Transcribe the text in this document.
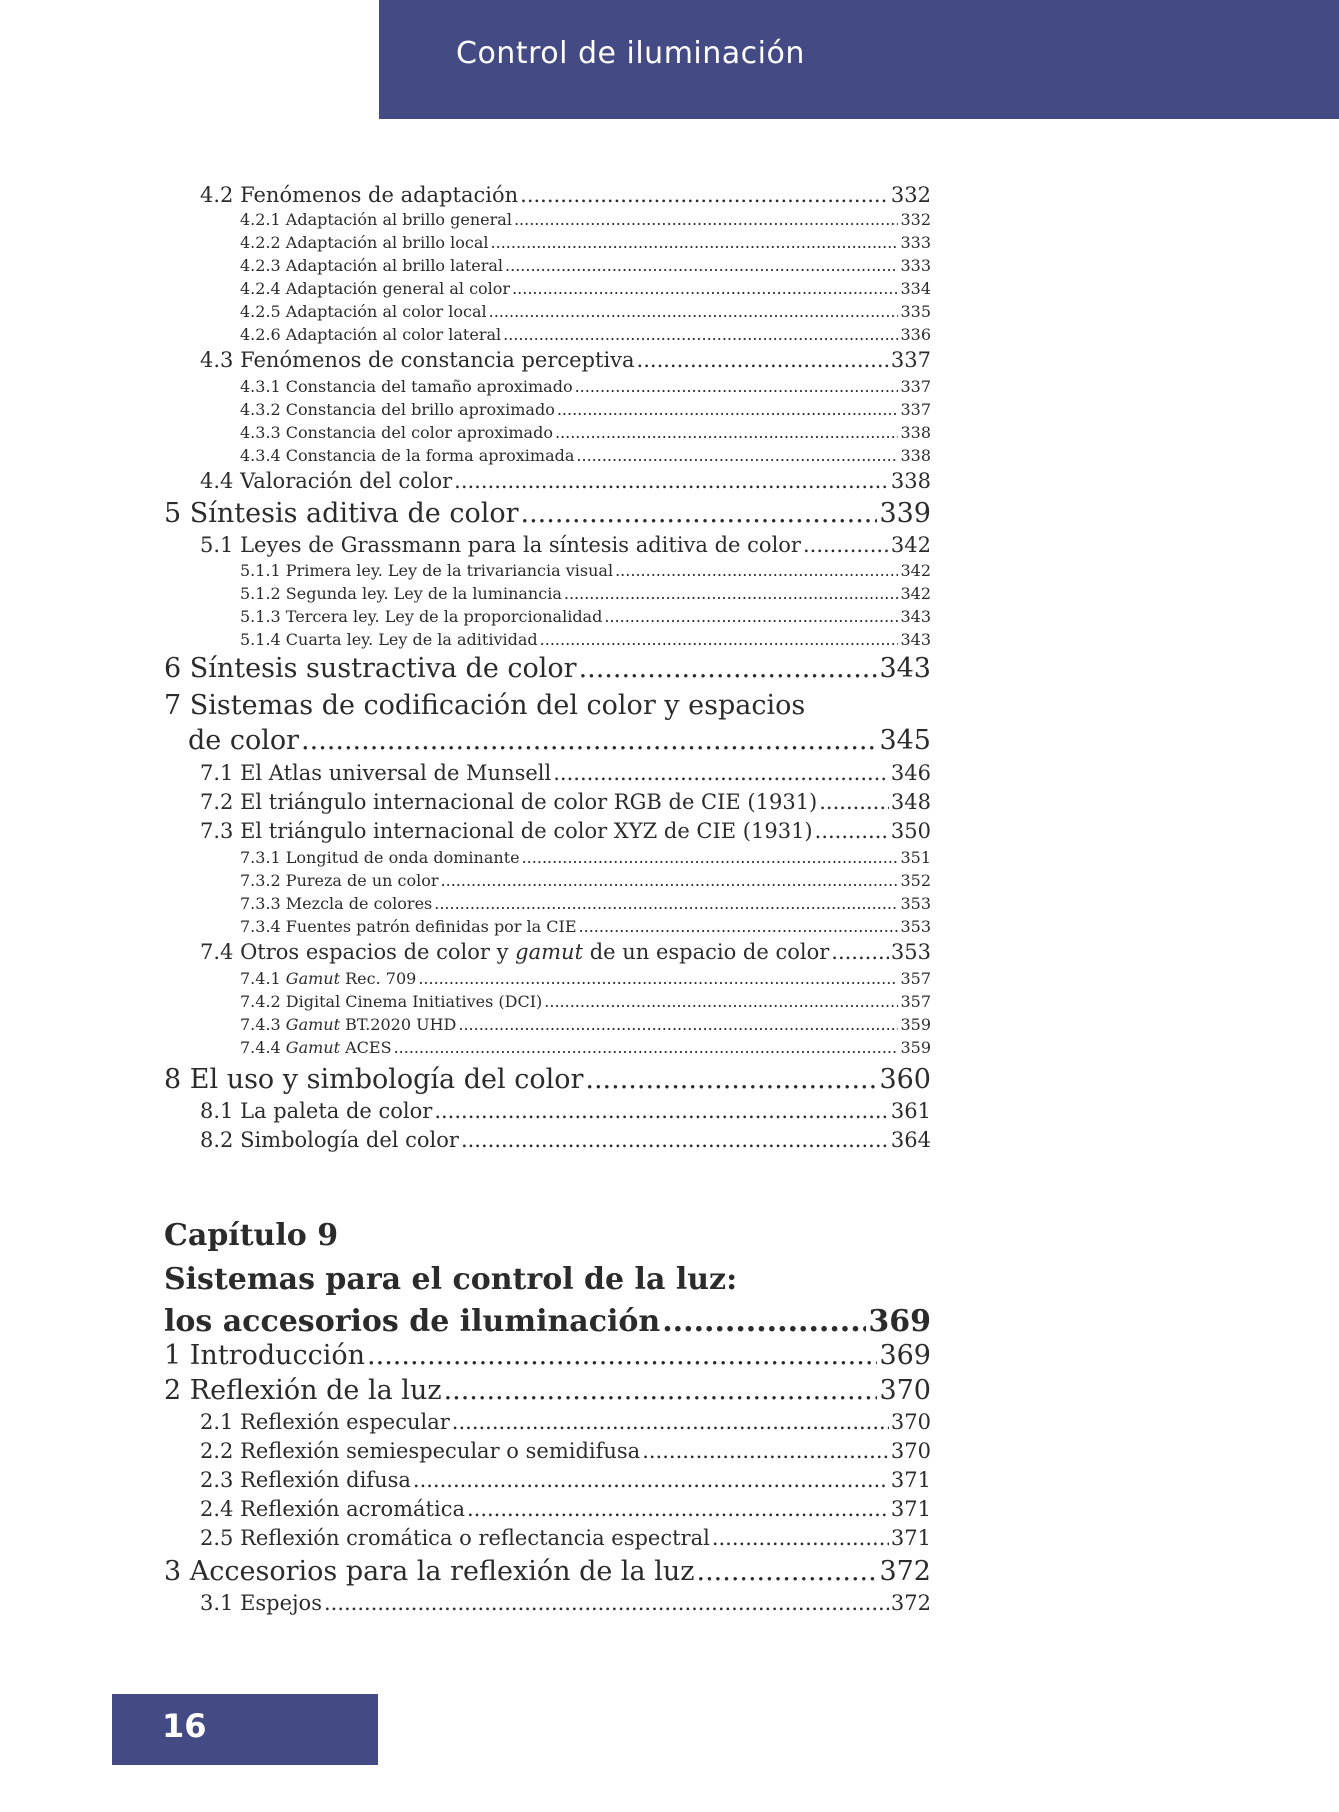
Control de iluminación
4.2 Fenómenos de adaptación .....	332
4.2.1 Adaptación al brillo general .....	332
4.2.2 Adaptación al brillo local .....	333
4.2.3 Adaptación al brillo lateral .....	333
4.2.4 Adaptación general al color .....	334
4.2.5 Adaptación al color local .....	335
4.2.6 Adaptación al color lateral .....	336
4.3 Fenómenos de constancia perceptiva .....	337
4.3.1 Constancia del tamaño aproximado .....	337
4.3.2 Constancia del brillo aproximado .....	337
4.3.3 Constancia del color aproximado .....	338
4.3.4 Constancia de la forma aproximada .....	338
4.4 Valoración del color .....	338
5 Síntesis aditiva de color .....	339
5.1 Leyes de Grassmann para la síntesis aditiva de color .....	342
5.1.1 Primera ley. Ley de la trivariancia visual .....	342
5.1.2 Segunda ley. Ley de la luminancia .....	342
5.1.3 Tercera ley. Ley de la proporcionalidad .....	343
5.1.4 Cuarta ley. Ley de la aditividad .....	343
6 Síntesis sustractiva de color .....	343
7 Sistemas de codificación del color y espacios
de color .....	345
7.1 El Atlas universal de Munsell .....	346
7.2 El triángulo internacional de color RGB de CIE (1931) .....	348
7.3 El triángulo internacional de color XYZ de CIE (1931) .....	350
7.3.1 Longitud de onda dominante .....	351
7.3.2 Pureza de un color .....	352
7.3.3 Mezcla de colores .....	353
7.3.4 Fuentes patrón definidas por la CIE .....	353
7.4 Otros espacios de color y gamut de un espacio de color .....	353
7.4.1 Gamut Rec. 709 .....	357
7.4.2 Digital Cinema Initiatives (DCI) .....	357
7.4.3 Gamut BT.2020 UHD .....	359
7.4.4 Gamut ACES .....	359
8 El uso y simbología del color .....	360
8.1 La paleta de color .....	361
8.2 Simbología del color .....	364
Capítulo 9
Sistemas para el control de la luz:
los accesorios de iluminación .....	369
1 Introducción .....	369
2 Reflexión de la luz .....	370
2.1 Reflexión especular .....	370
2.2 Reflexión semiespecular o semidifusa .....	370
2.3 Reflexión difusa .....	371
2.4 Reflexión acromática .....	371
2.5 Reflexión cromática o reflectancia espectral .....	371
3 Accesorios para la reflexión de la luz .....	372
3.1 Espejos .....	372
16
